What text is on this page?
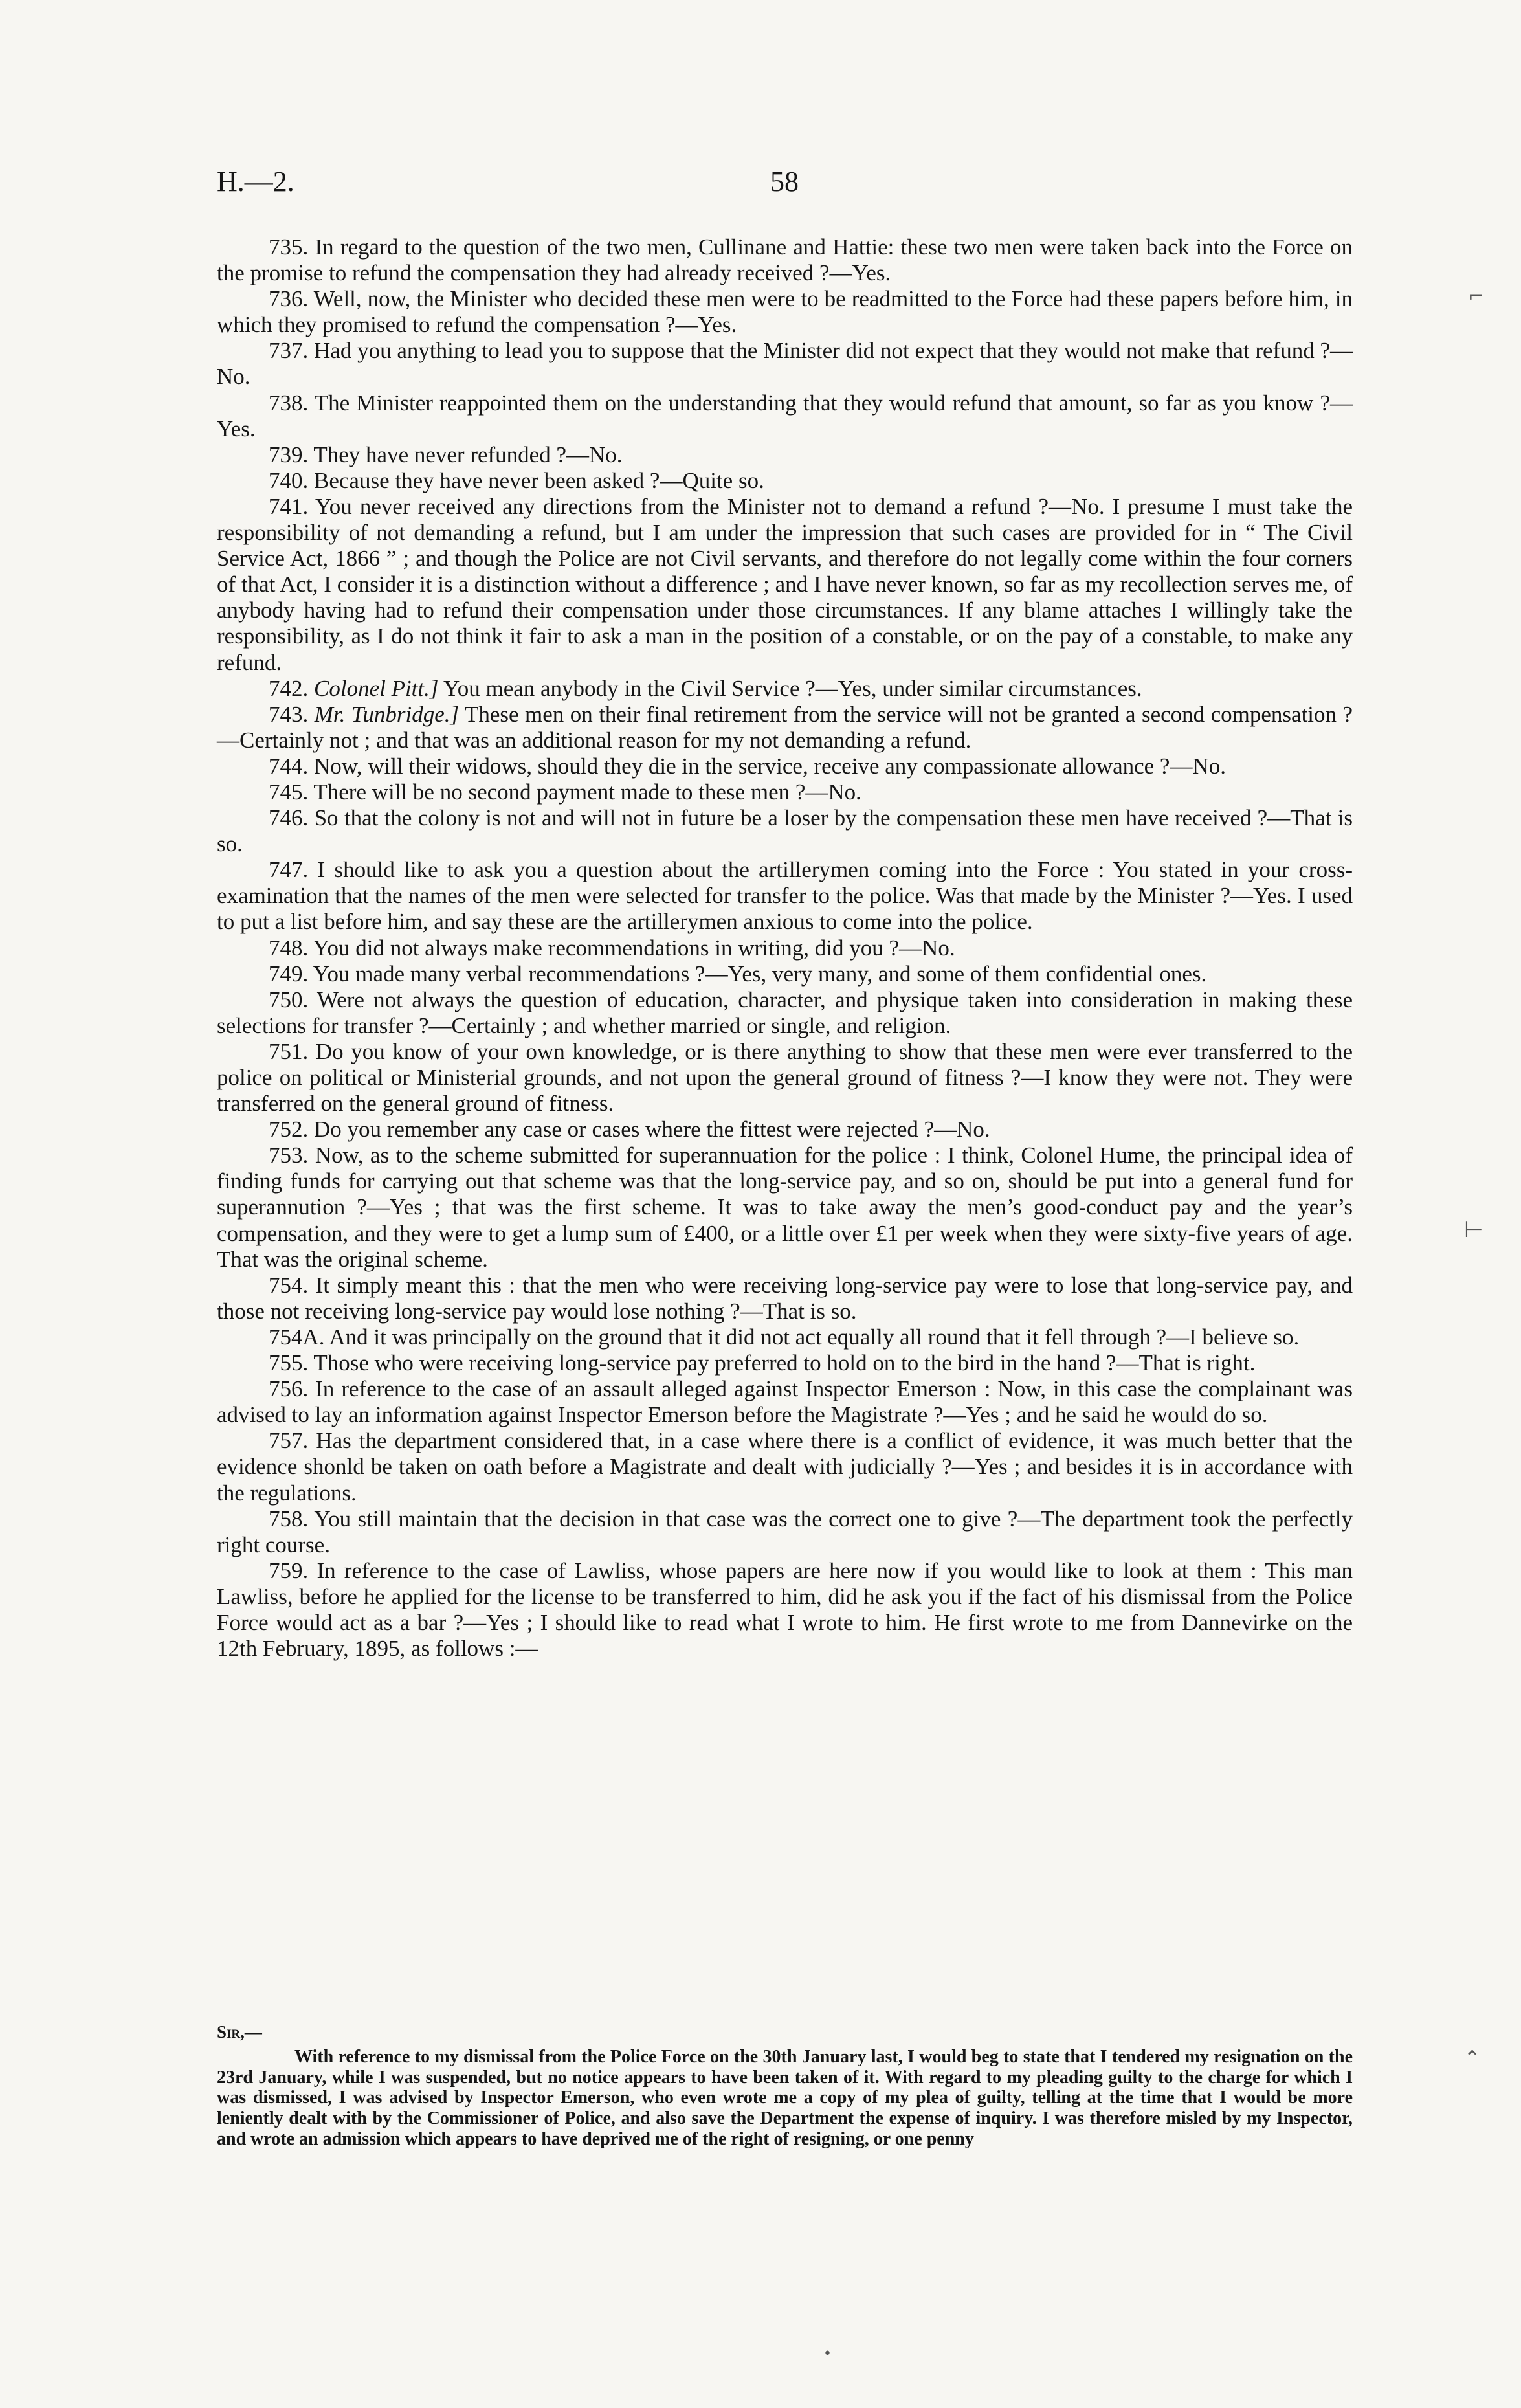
H.—2.	58

735. In regard to the question of the two men, Cullinane and Hattie: these two men were taken back into the Force on the promise to refund the compensation they had already received ?—Yes.

736. Well, now, the Minister who decided these men were to be readmitted to the Force had these papers before him, in which they promised to refund the compensation ?—Yes.

737. Had you anything to lead you to suppose that the Minister did not expect that they would not make that refund ?—No.

738. The Minister reappointed them on the understanding that they would refund that amount, so far as you know ?—Yes.

739. They have never refunded ?—No.

740. Because they have never been asked ?—Quite so.

741. You never received any directions from the Minister not to demand a refund ?—No. I presume I must take the responsibility of not demanding a refund, but I am under the impression that such cases are provided for in “ The Civil Service Act, 1866 ” ; and though the Police are not Civil servants, and therefore do not legally come within the four corners of that Act, I consider it is a distinction without a difference ; and I have never known, so far as my recollection serves me, of anybody having had to refund their compensation under those circumstances. If any blame attaches I willingly take the responsibility, as I do not think it fair to ask a man in the position of a constable, or on the pay of a constable, to make any refund.

742. Colonel Pitt.] You mean anybody in the Civil Service ?—Yes, under similar circumstances.

743. Mr. Tunbridge.] These men on their final retirement from the service will not be granted a second compensation ?—Certainly not ; and that was an additional reason for my not demanding a refund.

744. Now, will their widows, should they die in the service, receive any compassionate allowance ?—No.

745. There will be no second payment made to these men ?—No.

746. So that the colony is not and will not in future be a loser by the compensation these men have received ?—That is so.

747. I should like to ask you a question about the artillerymen coming into the Force : You stated in your cross-examination that the names of the men were selected for transfer to the police. Was that made by the Minister ?—Yes. I used to put a list before him, and say these are the artillerymen anxious to come into the police.

748. You did not always make recommendations in writing, did you ?—No.

749. You made many verbal recommendations ?—Yes, very many, and some of them confidential ones.

750. Were not always the question of education, character, and physique taken into consideration in making these selections for transfer ?—Certainly ; and whether married or single, and religion.

751. Do you know of your own knowledge, or is there anything to show that these men were ever transferred to the police on political or Ministerial grounds, and not upon the general ground of fitness ?—I know they were not. They were transferred on the general ground of fitness.

752. Do you remember any case or cases where the fittest were rejected ?—No.

753. Now, as to the scheme submitted for superannuation for the police : I think, Colonel Hume, the principal idea of finding funds for carrying out that scheme was that the long-service pay, and so on, should be put into a general fund for superannution ?—Yes ; that was the first scheme. It was to take away the men’s good-conduct pay and the year’s compensation, and they were to get a lump sum of £400, or a little over £1 per week when they were sixty-five years of age. That was the original scheme.

754. It simply meant this : that the men who were receiving long-service pay were to lose that long-service pay, and those not receiving long-service pay would lose nothing ?—That is so.

754A. And it was principally on the ground that it did not act equally all round that it fell through ?—I believe so.

755. Those who were receiving long-service pay preferred to hold on to the bird in the hand ?—That is right.

756. In reference to the case of an assault alleged against Inspector Emerson : Now, in this case the complainant was advised to lay an information against Inspector Emerson before the Magistrate ?—Yes ; and he said he would do so.

757. Has the department considered that, in a case where there is a conflict of evidence, it was much better that the evidence shonld be taken on oath before a Magistrate and dealt with judicially ?—Yes ; and besides it is in accordance with the regulations.

758. You still maintain that the decision in that case was the correct one to give ?—The department took the perfectly right course.

759. In reference to the case of Lawliss, whose papers are here now if you would like to look at them : This man Lawliss, before he applied for the license to be transferred to him, did he ask you if the fact of his dismissal from the Police Force would act as a bar ?—Yes ; I should like to read what I wrote to him. He first wrote to me from Dannevirke on the 12th February, 1895, as follows :—

Sir,—

With reference to my dismissal from the Police Force on the 30th January last, I would beg to state that I tendered my resignation on the 23rd January, while I was suspended, but no notice appears to have been taken of it. With regard to my pleading guilty to the charge for which I was dismissed, I was advised by Inspector Emerson, who even wrote me a copy of my plea of guilty, telling at the time that I would be more leniently dealt with by the Commissioner of Police, and also save the Department the expense of inquiry. I was therefore misled by my Inspector, and wrote an admission which appears to have deprived me of the right of resigning, or one penny

⌐
⊢
⌃
•
